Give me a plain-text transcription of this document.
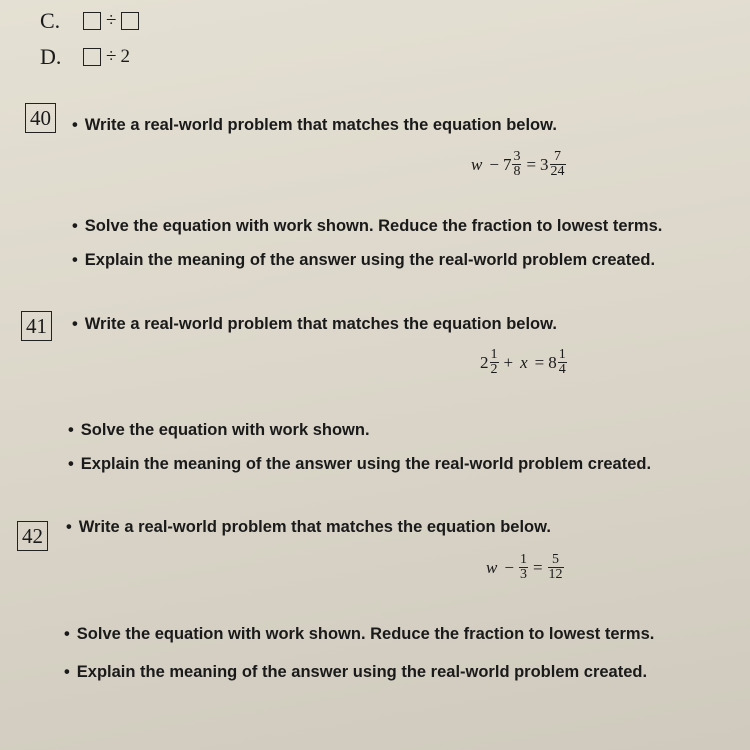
C.	÷
D.	÷ 2
40	• Write a real-world problem that matches the equation below.
$w - 7 \frac{3}{8} = 3 \frac{7}{24}$
• Solve the equation with work shown. Reduce the fraction to lowest terms.
• Explain the meaning of the answer using the real-world problem created.
41	• Write a real-world problem that matches the equation below.
$2 \frac{1}{2} + x = 8 \frac{1}{4}$
• Solve the equation with work shown.
• Explain the meaning of the answer using the real-world problem created.
42	• Write a real-world problem that matches the equation below.
$w - \frac{1}{3} = \frac{5}{12}$
• Solve the equation with work shown. Reduce the fraction to lowest terms.
• Explain the meaning of the answer using the real-world problem created.
